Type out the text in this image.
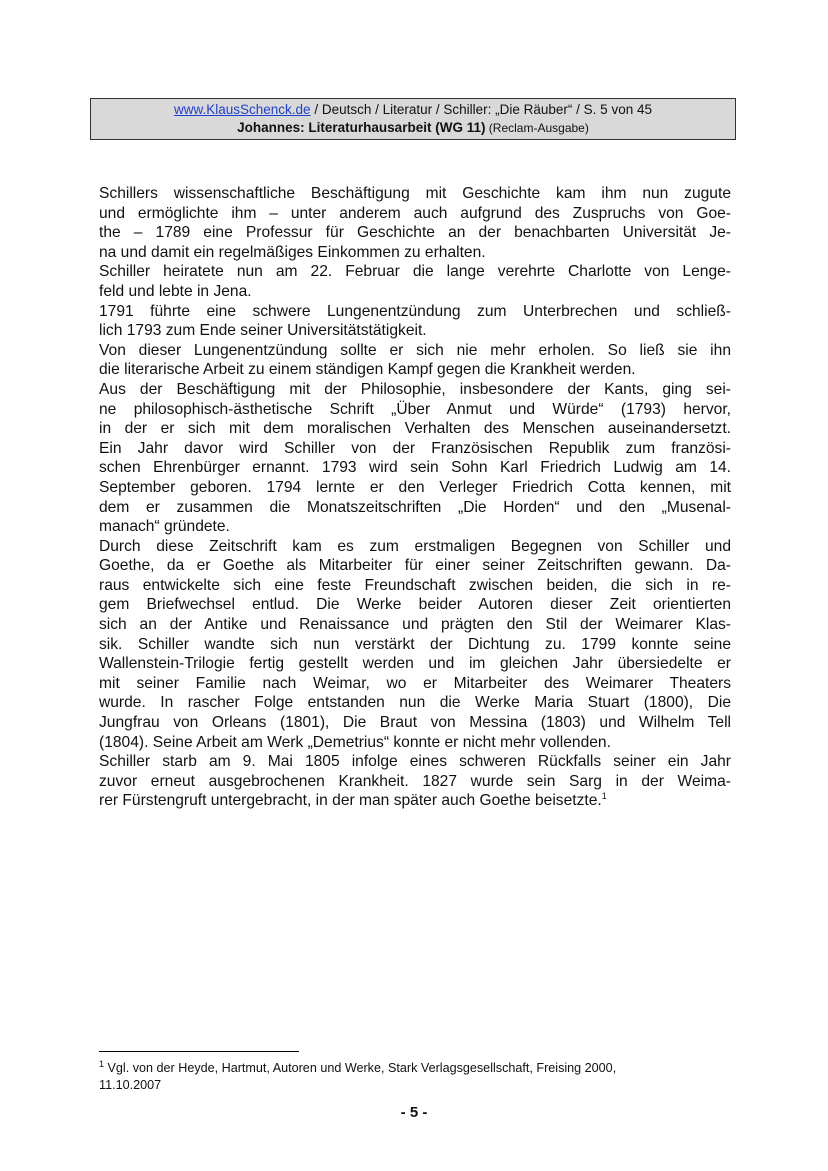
www.KlausSchenck.de / Deutsch / Literatur / Schiller: „Die Räuber“ / S. 5 von 45
Johannes: Literaturhausarbeit (WG 11) (Reclam-Ausgabe)

Schillers wissenschaftliche Beschäftigung mit Geschichte kam ihm nun zugute
und ermöglichte ihm – unter anderem auch aufgrund des Zuspruchs von Goe-
the – 1789 eine Professur für Geschichte an der benachbarten Universität Je-
na und damit ein regelmäßiges Einkommen zu erhalten.

Schiller heiratete nun am 22. Februar die lange verehrte Charlotte von Lenge-
feld und lebte in Jena.

1791 führte eine schwere Lungenentzündung zum Unterbrechen und schließ-
lich 1793 zum Ende seiner Universitätstätigkeit.

Von dieser Lungenentzündung sollte er sich nie mehr erholen. So ließ sie ihn
die literarische Arbeit zu einem ständigen Kampf gegen die Krankheit werden.

Aus der Beschäftigung mit der Philosophie, insbesondere der Kants, ging sei-
ne philosophisch-ästhetische Schrift „Über Anmut und Würde“ (1793) hervor,
in der er sich mit dem moralischen Verhalten des Menschen auseinandersetzt.
Ein Jahr davor wird Schiller von der Französischen Republik zum französi-
schen Ehrenbürger ernannt. 1793 wird sein Sohn Karl Friedrich Ludwig am 14.
September geboren. 1794 lernte er den Verleger Friedrich Cotta kennen, mit
dem er zusammen die Monatszeitschriften „Die Horden“ und den „Musenal-
manach“ gründete.

Durch diese Zeitschrift kam es zum erstmaligen Begegnen von Schiller und
Goethe, da er Goethe als Mitarbeiter für einer seiner Zeitschriften gewann. Da-
raus entwickelte sich eine feste Freundschaft zwischen beiden, die sich in re-
gem Briefwechsel entlud. Die Werke beider Autoren dieser Zeit orientierten
sich an der Antike und Renaissance und prägten den Stil der Weimarer Klas-
sik. Schiller wandte sich nun verstärkt der Dichtung zu. 1799 konnte seine
Wallenstein-Trilogie fertig gestellt werden und im gleichen Jahr übersiedelte er
mit seiner Familie nach Weimar, wo er Mitarbeiter des Weimarer Theaters
wurde. In rascher Folge entstanden nun die Werke Maria Stuart (1800), Die
Jungfrau von Orleans (1801), Die Braut von Messina (1803) und Wilhelm Tell
(1804). Seine Arbeit am Werk „Demetrius“ konnte er nicht mehr vollenden.

Schiller starb am 9. Mai 1805 infolge eines schweren Rückfalls seiner ein Jahr
zuvor erneut ausgebrochenen Krankheit. 1827 wurde sein Sarg in der Weima-
rer Fürstengruft untergebracht, in der man später auch Goethe beisetzte.$^1$

$^1$ Vgl. von der Heyde, Hartmut, Autoren und Werke, Stark Verlagsgesellschaft, Freising 2000,
11.10.2007
- 5 -
